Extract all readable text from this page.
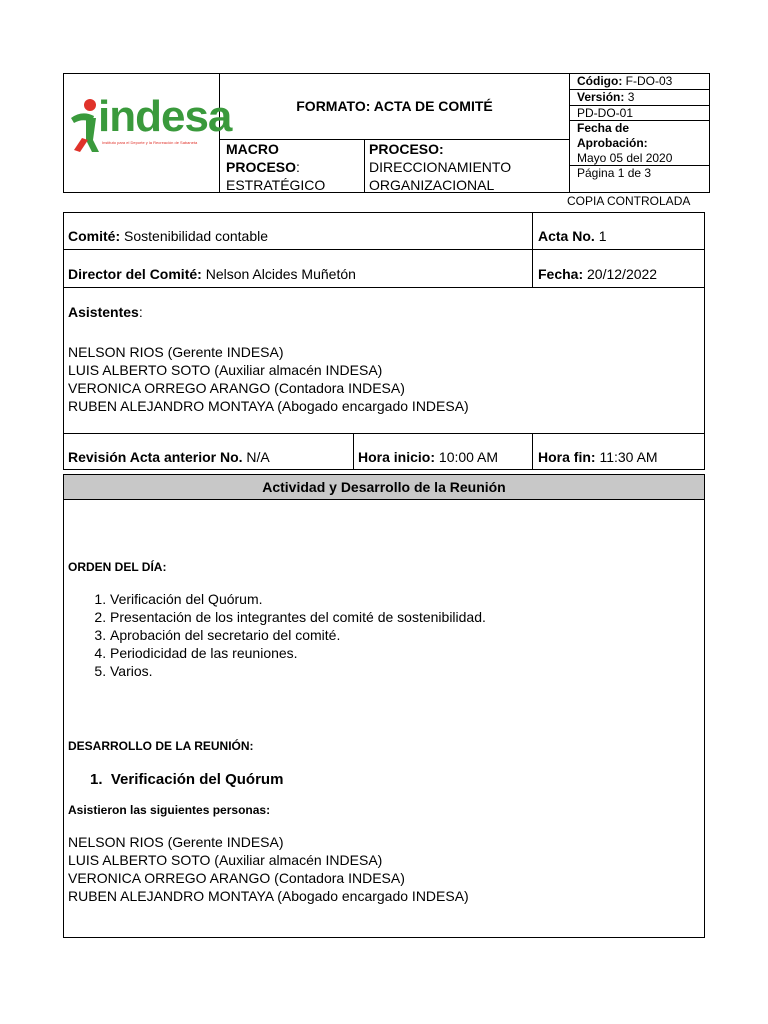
indesa
Instituto para el Deporte y la Recreación de Sabaneta
FORMATO: ACTA DE COMITÉ
MACRO
PROCESO:
ESTRATÉGICO
PROCESO:
DIRECCIONAMIENTO
ORGANIZACIONAL
Código: F-DO-03
Versión: 3
PD-DO-01
Fecha de
Aprobación:
Mayo 05 del 2020
Página 1 de 3
COPIA CONTROLADA
Comité: Sostenibilidad contable	Acta No. 1
Director del Comité: Nelson Alcides Muñetón	Fecha: 20/12/2022
Asistentes:
NELSON RIOS (Gerente INDESA)
LUIS ALBERTO SOTO (Auxiliar almacén INDESA)
VERONICA ORREGO ARANGO (Contadora INDESA)
RUBEN ALEJANDRO MONTAYA (Abogado encargado INDESA)
Revisión Acta anterior No. N/A	Hora inicio: 10:00 AM	Hora fin: 11:30 AM
Actividad y Desarrollo de la Reunión
ORDEN DEL DÍA:
1. Verificación del Quórum.
2. Presentación de los integrantes del comité de sostenibilidad.
3. Aprobación del secretario del comité.
4. Periodicidad de las reuniones.
5. Varios.
DESARROLLO DE LA REUNIÓN:
1. Verificación del Quórum
Asistieron las siguientes personas:
NELSON RIOS (Gerente INDESA)
LUIS ALBERTO SOTO (Auxiliar almacén INDESA)
VERONICA ORREGO ARANGO (Contadora INDESA)
RUBEN ALEJANDRO MONTAYA (Abogado encargado INDESA)
